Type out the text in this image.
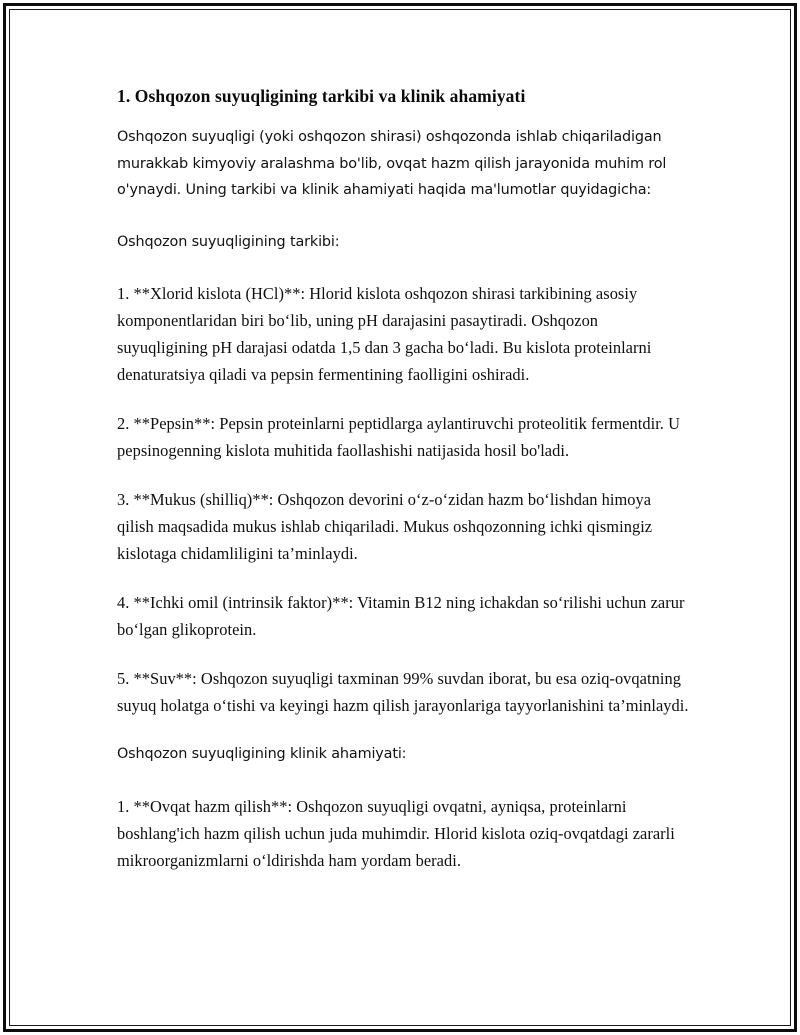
1. Oshqozon suyuqligining tarkibi va klinik ahamiyati

Oshqozon suyuqligi (yoki oshqozon shirasi) oshqozonda ishlab chiqariladigan murakkab kimyoviy aralashma bo'lib, ovqat hazm qilish jarayonida muhim rol o'ynaydi. Uning tarkibi va klinik ahamiyati haqida ma'lumotlar quyidagicha:

Oshqozon suyuqligining tarkibi:

1. **Xlorid kislota (HCl)**: Hlorid kislota oshqozon shirasi tarkibining asosiy komponentlaridan biri bo‘lib, uning pH darajasini pasaytiradi. Oshqozon suyuqligining pH darajasi odatda 1,5 dan 3 gacha bo‘ladi. Bu kislota proteinlarni denaturatsiya qiladi va pepsin fermentining faolligini oshiradi.

2. **Pepsin**: Pepsin proteinlarni peptidlarga aylantiruvchi proteolitik fermentdir. U pepsinogenning kislota muhitida faollashishi natijasida hosil bo'ladi.

3. **Mukus (shilliq)**: Oshqozon devorini o‘z-o‘zidan hazm bo‘lishdan himoya qilish maqsadida mukus ishlab chiqariladi. Mukus oshqozonning ichki qismingiz kislotaga chidamliligini ta’minlaydi.

4. **Ichki omil (intrinsik faktor)**: Vitamin B12 ning ichakdan so‘rilishi uchun zarur bo‘lgan glikoprotein.

5. **Suv**: Oshqozon suyuqligi taxminan 99% suvdan iborat, bu esa oziq-ovqatning suyuq holatga o‘tishi va keyingi hazm qilish jarayonlariga tayyorlanishini ta’minlaydi.

Oshqozon suyuqligining klinik ahamiyati:

1. **Ovqat hazm qilish**: Oshqozon suyuqligi ovqatni, ayniqsa, proteinlarni boshlang'ich hazm qilish uchun juda muhimdir. Hlorid kislota oziq-ovqatdagi zararli mikroorganizmlarni o‘ldirishda ham yordam beradi.
